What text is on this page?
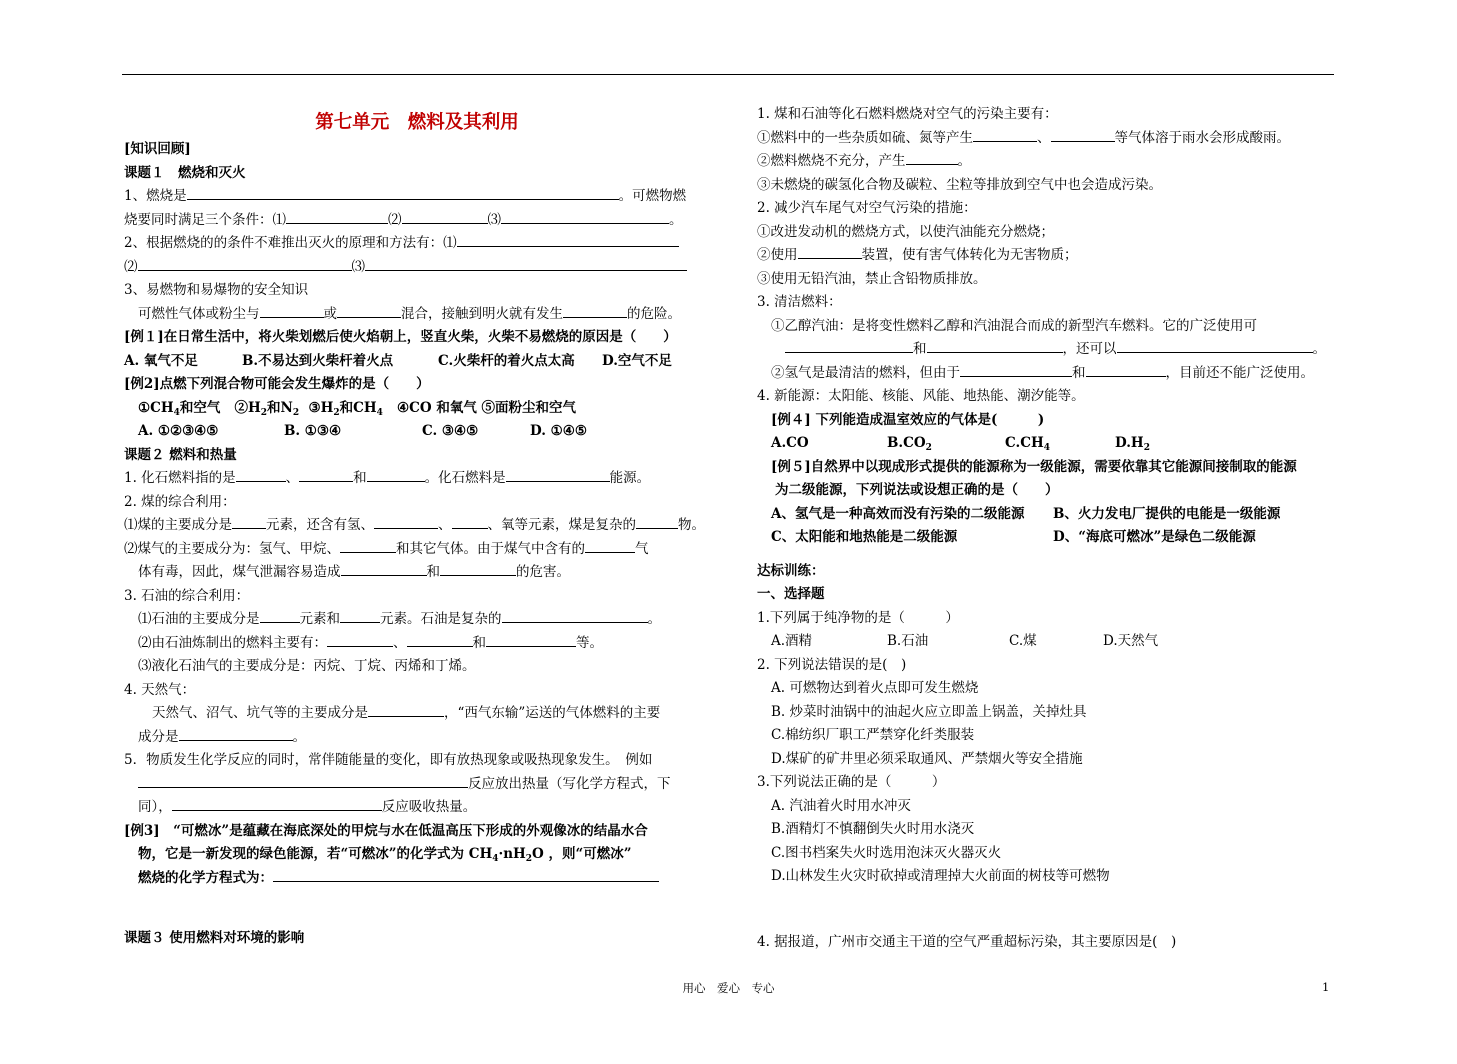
第七单元　燃料及其利用
[知识回顾]
课题１　燃烧和灭火
1、燃烧是	。可燃物燃
烧要同时满足三个条件：⑴	⑵	⑶	。
2、根据燃烧的的条件不难推出灭火的原理和方法有：⑴
⑵	⑶
3、易燃物和易爆物的安全知识
可燃性气体或粉尘与	或	混合，接触到明火就有发生	的危险。
[例１]在日常生活中，将火柴划燃后使火焰朝上，竖直火柴，火柴不易燃烧的原因是（　　）
A. 氧气不足	B.不易达到火柴杆着火点	C.火柴杆的着火点太高 D.空气不足
[例2]点燃下列混合物可能会发生爆炸的是（　　）
$①CH_4$和空气 $②H_2$和$N_2$ $③H_2$和$CH_4$ ④CO 和氧气 ⑤面粉尘和空气
A. ①②③④⑤	B. ①③④	C. ③④⑤	D. ①④⑤
课题２ 燃料和热量
1. 化石燃料指的是	、	和	。化石燃料是	能源。
2. 煤的综合利用：
⑴煤的主要成分是	元素，还含有氢、	、	、氧等元素，煤是复杂的	物。
⑵煤气的主要成分为：氢气、甲烷、	和其它气体。由于煤气中含有的	气
体有毒，因此，煤气泄漏容易造成	和	的危害。
3. 石油的综合利用：
⑴石油的主要成分是	元素和	元素。石油是复杂的	。
⑵由石油炼制出的燃料主要有：	、	和	等。
⑶液化石油气的主要成分是：丙烷、丁烷、丙烯和丁烯。
4. 天然气：
天然气、沼气、坑气等的主要成分是	，“西气东输”运送的气体燃料的主要
成分是	。
5．物质发生化学反应的同时，常伴随能量的变化，即有放热现象或吸热现象发生。　例如
反应放出热量（写化学方程式，下
同），	反应吸收热量。
[例3]　“可燃冰”是蕴藏在海底深处的甲烷与水在低温高压下形成的外观像冰的结晶水合
物，它是一新发现的绿色能源，若“可燃冰”的化学式为 $CH_4\cdot nH_2O$ ，则“可燃冰”
燃烧的化学方程式为：
课题３ 使用燃料对环境的影响
1. 煤和石油等化石燃料燃烧对空气的污染主要有：
①燃料中的一些杂质如硫、氮等产生	、	等气体溶于雨水会形成酸雨。
②燃料燃烧不充分，产生	。
③未燃烧的碳氢化合物及碳粒、尘粒等排放到空气中也会造成污染。
2. 减少汽车尾气对空气污染的措施：
①改进发动机的燃烧方式，以使汽油能充分燃烧；
②使用	装置，使有害气体转化为无害物质；
③使用无铅汽油，禁止含铅物质排放。
3. 清洁燃料：
①乙醇汽油：是将变性燃料乙醇和汽油混合而成的新型汽车燃料。它的广泛使用可
和	，还可以	。
②氢气是最清洁的燃料，但由于	和	，目前还不能广泛使用。
4. 新能源：太阳能、核能、风能、地热能、潮汐能等。
[例４] 下列能造成温室效应的气体是(　　　)
A.CO	$B.CO_2$	$C.CH_4$	$D.H_2$
[例５]自然界中以现成形式提供的能源称为一级能源，需要依靠其它能源间接制取的能源
为二级能源，下列说法或设想正确的是（　　）
A、氢气是一种高效而没有污染的二级能源 B、火力发电厂提供的电能是一级能源
C、太阳能和地热能是二级能源	D、“海底可燃冰”是绿色二级能源
达标训练：
一、选择题
1.下列属于纯净物的是（　　　）
A.酒精	B.石油	C.煤	D.天然气
2. 下列说法错误的是(　)
A. 可燃物达到着火点即可发生燃烧
B. 炒菜时油锅中的油起火应立即盖上锅盖，关掉灶具
C.棉纺织厂职工严禁穿化纤类服装
D.煤矿的矿井里必须采取通风、严禁烟火等安全措施
3.下列说法正确的是（　　　）
A. 汽油着火时用水冲灭
B.酒精灯不慎翻倒失火时用水浇灭
C.图书档案失火时选用泡沫灭火器灭火
D.山林发生火灾时砍掉或清理掉大火前面的树枝等可燃物
4. 据报道，广州市交通主干道的空气严重超标污染，其主要原因是(　)
用心　爱心　专心	1
